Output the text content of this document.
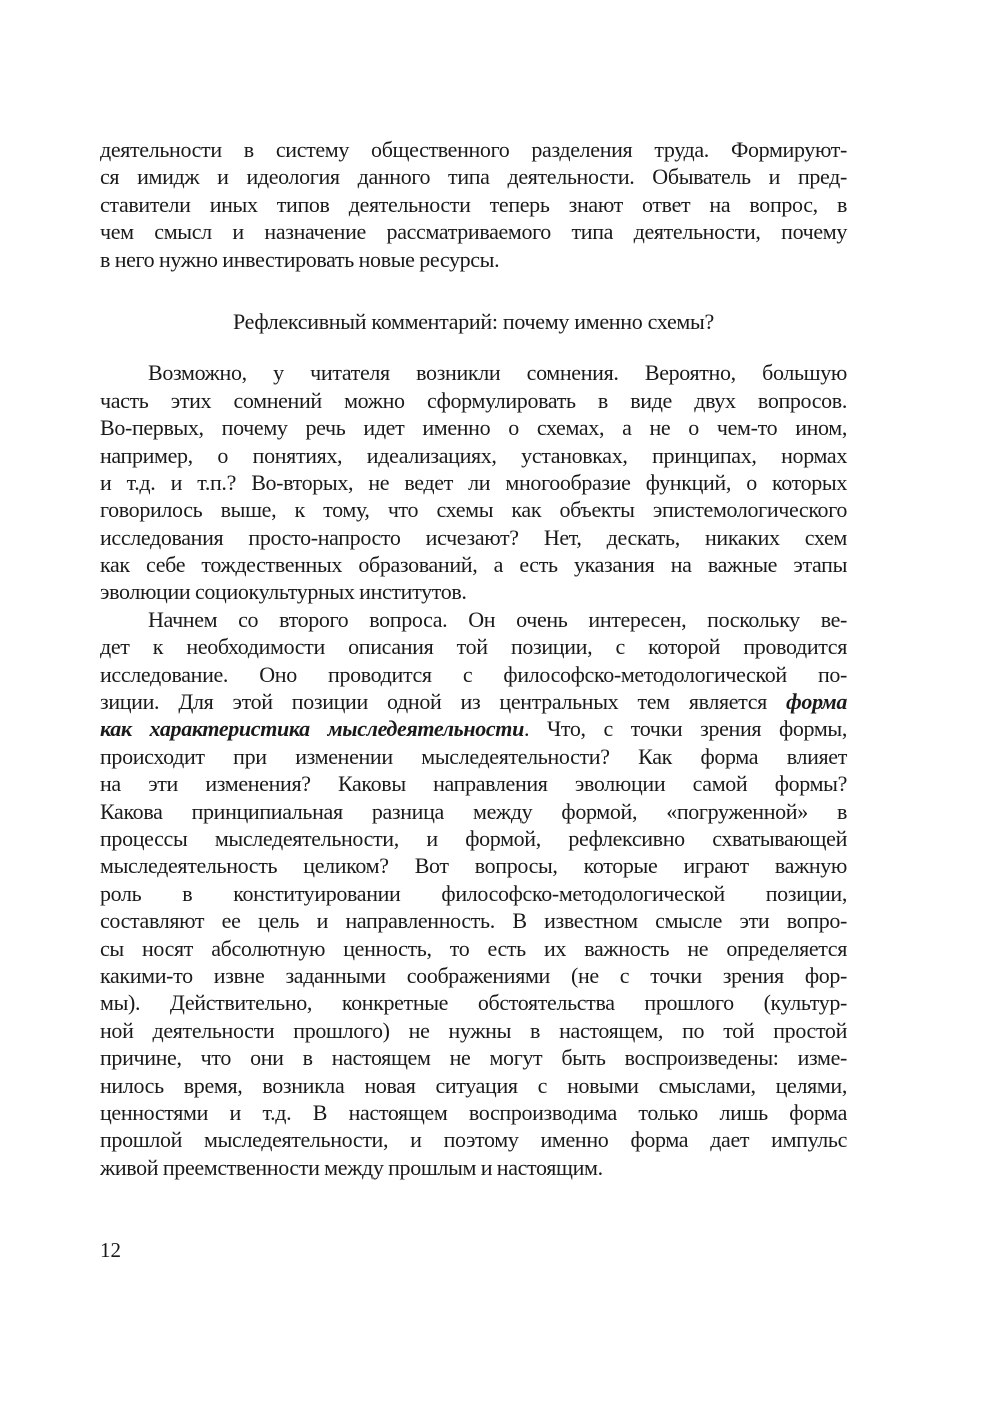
деятельности в систему общественного разделения труда. Формируют-
ся имидж и идеология данного типа деятельности. Обыватель и пред-
ставители иных типов деятельности теперь знают ответ на вопрос, в
чем смысл и назначение рассматриваемого типа деятельности, почему
в него нужно инвестировать новые ресурсы.
Рефлексивный комментарий: почему именно схемы?
Возможно, у читателя возникли сомнения. Вероятно, большую
часть этих сомнений можно сформулировать в виде двух вопросов.
Во-первых, почему речь идет именно о схемах, а не о чем-то ином,
например, о понятиях, идеализациях, установках, принципах, нормах
и т.д. и т.п.? Во-вторых, не ведет ли многообразие функций, о которых
говорилось выше, к тому, что схемы как объекты эпистемологического
исследования просто-напросто исчезают? Нет, дескать, никаких схем
как себе тождественных образований, а есть указания на важные этапы
эволюции социокультурных институтов.
Начнем со второго вопроса. Он очень интересен, поскольку ве-
дет к необходимости описания той позиции, с которой проводится
исследование. Оно проводится с философско-методологической по-
зиции. Для этой позиции одной из центральных тем является форма
как характеристика мыследеятельности. Что, с точки зрения формы,
происходит при изменении мыследеятельности? Как форма влияет
на эти изменения? Каковы направления эволюции самой формы?
Какова принципиальная разница между формой, «погруженной» в
процессы мыследеятельности, и формой, рефлексивно схватывающей
мыследеятельность целиком? Вот вопросы, которые играют важную
роль в конституировании философско-методологической позиции,
составляют ее цель и направленность. В известном смысле эти вопро-
сы носят абсолютную ценность, то есть их важность не определяется
какими-то извне заданными соображениями (не с точки зрения фор-
мы). Действительно, конкретные обстоятельства прошлого (культур-
ной деятельности прошлого) не нужны в настоящем, по той простой
причине, что они в настоящем не могут быть воспроизведены: изме-
нилось время, возникла новая ситуация с новыми смыслами, целями,
ценностями и т.д. В настоящем воспроизводима только лишь форма
прошлой мыследеятельности, и поэтому именно форма дает импульс
живой преемственности между прошлым и настоящим.
12
